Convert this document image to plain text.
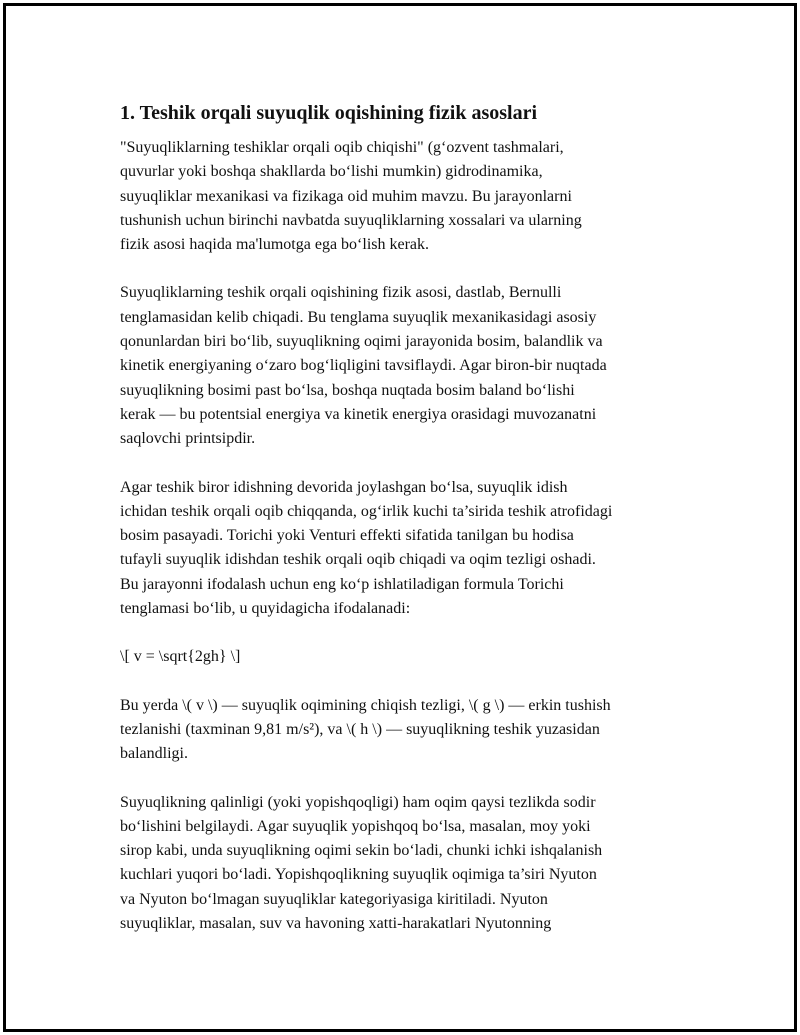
1. Teshik orqali suyuqlik oqishining fizik asoslari

"Suyuqliklarning teshiklar orqali oqib chiqishi" (g‘ozvent tashmalari,
quvurlar yoki boshqa shakllarda bo‘lishi mumkin) gidrodinamika,
suyuqliklar mexanikasi va fizikaga oid muhim mavzu. Bu jarayonlarni
tushunish uchun birinchi navbatda suyuqliklarning xossalari va ularning
fizik asosi haqida ma'lumotga ega bo‘lish kerak.

Suyuqliklarning teshik orqali oqishining fizik asosi, dastlab, Bernulli
tenglamasidan kelib chiqadi. Bu tenglama suyuqlik mexanikasidagi asosiy
qonunlardan biri bo‘lib, suyuqlikning oqimi jarayonida bosim, balandlik va
kinetik energiyaning o‘zaro bog‘liqligini tavsiflaydi. Agar biron-bir nuqtada
suyuqlikning bosimi past bo‘lsa, boshqa nuqtada bosim baland bo‘lishi
kerak — bu potentsial energiya va kinetik energiya orasidagi muvozanatni
saqlovchi printsipdir.

Agar teshik biror idishning devorida joylashgan bo‘lsa, suyuqlik idish
ichidan teshik orqali oqib chiqqanda, og‘irlik kuchi ta’sirida teshik atrofidagi
bosim pasayadi. Torichi yoki Venturi effekti sifatida tanilgan bu hodisa
tufayli suyuqlik idishdan teshik orqali oqib chiqadi va oqim tezligi oshadi.
Bu jarayonni ifodalash uchun eng ko‘p ishlatiladigan formula Torichi
tenglamasi bo‘lib, u quyidagicha ifodalanadi:

\[ v = \sqrt{2gh} \]

Bu yerda \( v \) — suyuqlik oqimining chiqish tezligi, \( g \) — erkin tushish
tezlanishi (taxminan 9,81 m/s²), va \( h \) — suyuqlikning teshik yuzasidan
balandligi.

Suyuqlikning qalinligi (yoki yopishqoqligi) ham oqim qaysi tezlikda sodir
bo‘lishini belgilaydi. Agar suyuqlik yopishqoq bo‘lsa, masalan, moy yoki
sirop kabi, unda suyuqlikning oqimi sekin bo‘ladi, chunki ichki ishqalanish
kuchlari yuqori bo‘ladi. Yopishqoqlikning suyuqlik oqimiga ta’siri Nyuton
va Nyuton bo‘lmagan suyuqliklar kategoriyasiga kiritiladi. Nyuton
suyuqliklar, masalan, suv va havoning xatti-harakatlari Nyutonning
